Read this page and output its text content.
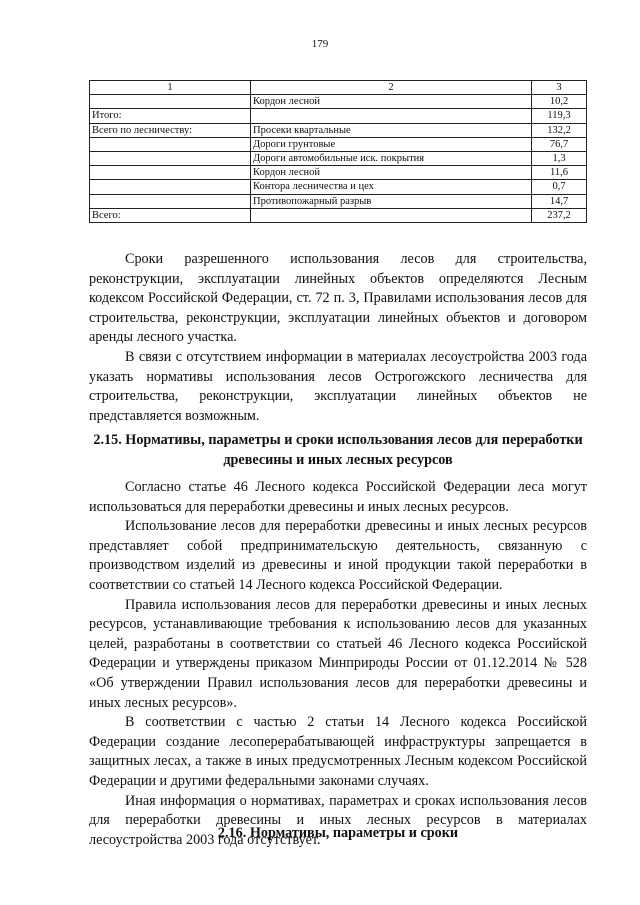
179
1	2	3
	Кордон лесной	10,2
Итого:		119,3
Всего по лесничеству:	Просеки квартальные	132,2
	Дороги грунтовые	76,7
	Дороги автомобильные иск. покрытия	1,3
	Кордон лесной	11,6
	Контора лесничества и цех	0,7
	Противопожарный разрыв	14,7
Всего:		237,2

Сроки разрешенного использования лесов для строительства, реконструкции, эксплуатации линейных объектов определяются Лесным кодексом Российской Федерации, ст. 72 п. 3, Правилами использования лесов для строительства, реконструкции, эксплуатации линейных объектов и договором аренды лесного участка.

В связи с отсутствием информации в материалах лесоустройства 2003 года указать нормативы использования лесов Острогожского лесничества для строительства, реконструкции, эксплуатации линейных объектов не представляется возможным.

2.15. Нормативы, параметры и сроки использования лесов для переработки древесины и иных лесных ресурсов

Согласно статье 46 Лесного кодекса Российской Федерации леса могут использоваться для переработки древесины и иных лесных ресурсов.

Использование лесов для переработки древесины и иных лесных ресурсов представляет собой предпринимательскую деятельность, связанную с производством изделий из древесины и иной продукции такой переработки в соответствии со статьей 14 Лесного кодекса Российской Федерации.

Правила использования лесов для переработки древесины и иных лесных ресурсов, устанавливающие требования к использованию лесов для указанных целей, разработаны в соответствии со статьей 46 Лесного кодекса Российской Федерации и утверждены приказом Минприроды России от 01.12.2014 № 528 «Об утверждении Правил использования лесов для переработки древесины и иных лесных ресурсов».

В соответствии с частью 2 статьи 14 Лесного кодекса Российской Федерации создание лесоперерабатывающей инфраструктуры запрещается в защитных лесах, а также в иных предусмотренных Лесным кодексом Российской Федерации и другими федеральными законами случаях.

Иная информация о нормативах, параметрах и сроках использования лесов для переработки древесины и иных лесных ресурсов в материалах лесоустройства 2003 года отсутствует.

2.16. Нормативы, параметры и сроки
